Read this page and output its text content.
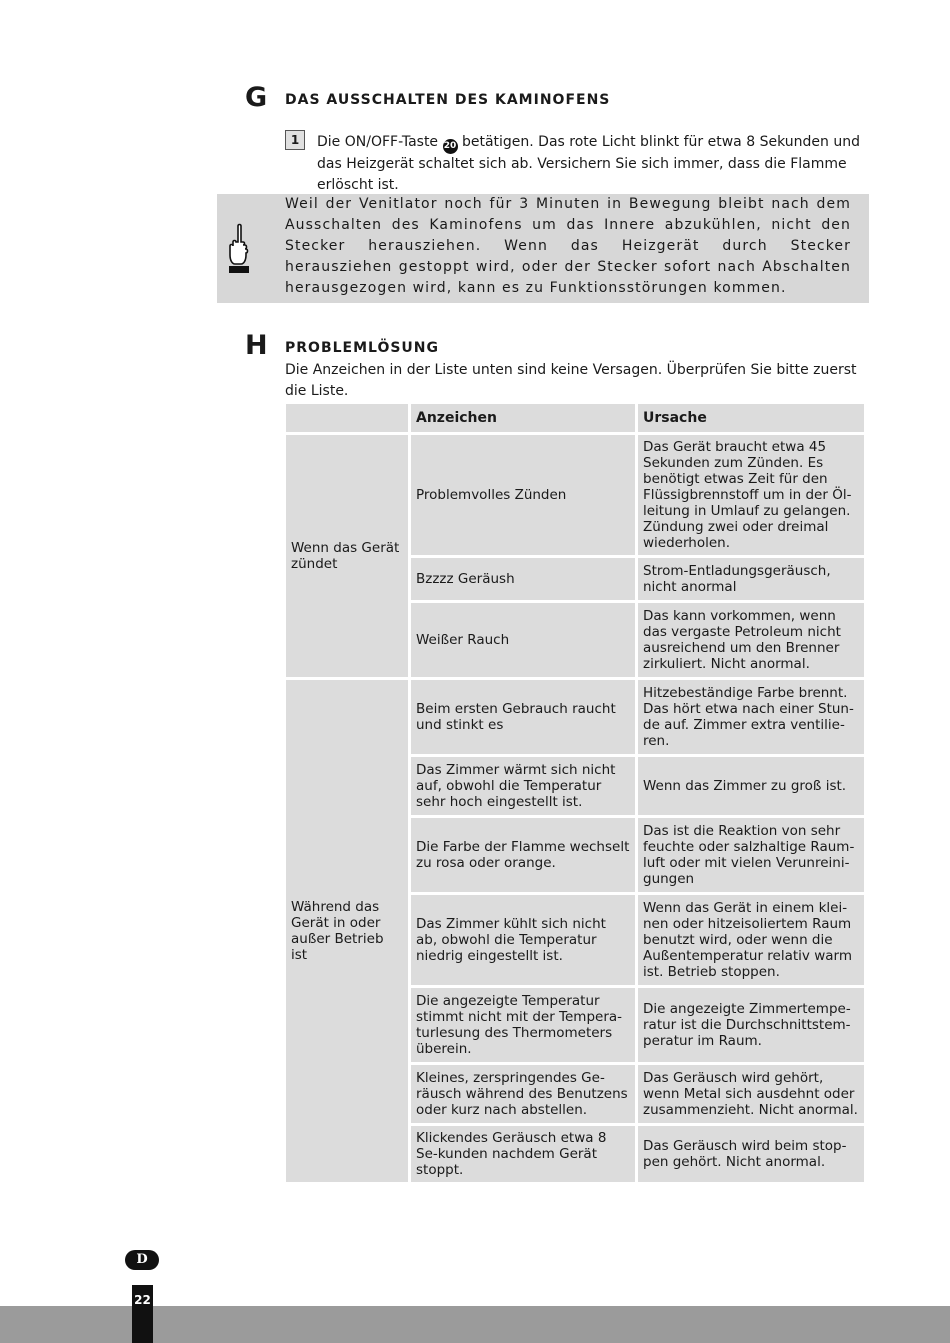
G DAS AUSSCHALTEN DES KAMINOFENS
1	Die ON/OFF-Taste 20 betätigen. Das rote Licht blinkt für etwa 8 Sekunden und das Heizgerät schaltet sich ab. Versichern Sie sich immer, dass die Flamme erlöscht ist.
Weil der Venitlator noch für 3 Minuten in Bewegung bleibt nach dem Ausschalten des Kaminofens um das Innere abzukühlen, nicht den Stecker herausziehen. Wenn das Heizgerät durch Stecker herausziehen gestoppt wird, oder der Stecker sofort nach Abschalten herausgezogen wird, kann es zu Funktionsstörungen kommen.
H PROBLEMLÖSUNG
Die Anzeichen in der Liste unten sind keine Versagen. Überprüfen Sie bitte zuerst die Liste.
	Anzeichen	Ursache
Wenn das Gerät zündet	Problemvolles Zünden	Das Gerät braucht etwa 45 Sekunden zum Zünden. Es benötigt etwas Zeit für den Flüssigbrennstoff um in der Öl-leitung in Umlauf zu gelangen. Zündung zwei oder dreimal wiederholen.
	Bzzzz Geräush	Strom-Entladungsgeräusch, nicht anormal
	Weißer Rauch	Das kann vorkommen, wenn das vergaste Petroleum nicht ausreichend um den Brenner zirkuliert. Nicht anormal.
Während das Gerät in oder außer Betrieb ist	Beim ersten Gebrauch raucht und stinkt es	Hitzebeständige Farbe brennt. Das hört etwa nach einer Stun-de auf. Zimmer extra ventilie-ren.
	Das Zimmer wärmt sich nicht auf, obwohl die Temperatur sehr hoch eingestellt ist.	Wenn das Zimmer zu groß ist.
	Die Farbe der Flamme wechselt zu rosa oder orange.	Das ist die Reaktion von sehr feuchte oder salzhaltige Raum-luft oder mit vielen Verunreini-gungen
	Das Zimmer kühlt sich nicht ab, obwohl die Temperatur niedrig eingestellt ist.	Wenn das Gerät in einem klei-nen oder hitzeisoliertem Raum benutzt wird, oder wenn die Außentemperatur relativ warm ist. Betrieb stoppen.
	Die angezeigte Temperatur stimmt nicht mit der Tempera-turlesung des Thermometers überein.	Die angezeigte Zimmertempe-ratur ist die Durchschnittstem-peratur im Raum.
	Kleines, zerspringendes Ge-räusch während des Benutzens oder kurz nach abstellen.	Das Geräusch wird gehört, wenn Metal sich ausdehnt oder zusammenzieht. Nicht anormal.
	Klickendes Geräusch etwa 8 Se-kunden nachdem Gerät stoppt.	Das Geräusch wird beim stop-pen gehört. Nicht anormal.
D
22
